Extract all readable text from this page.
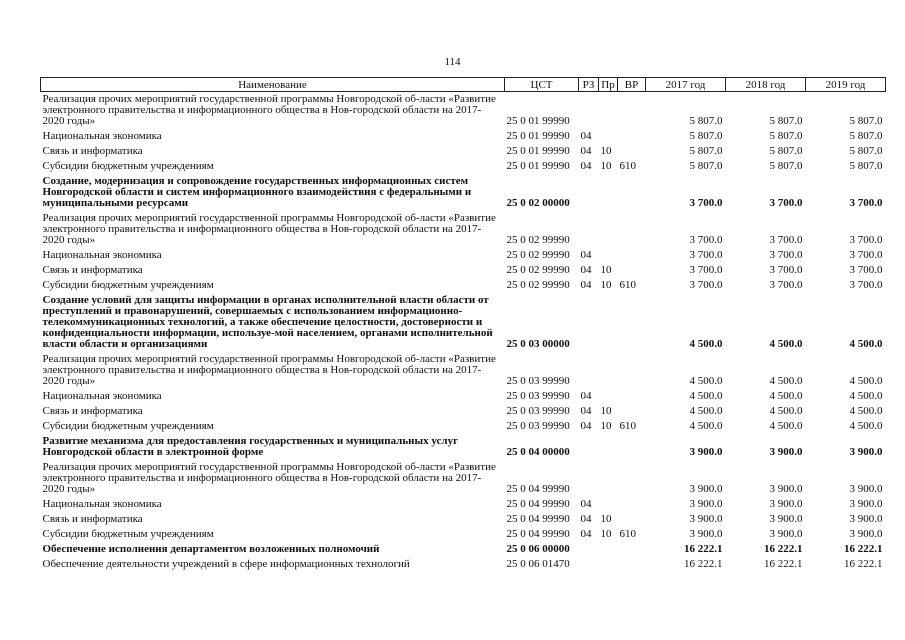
114
Наименование	ЦСТ	РЗ	Пр	ВР	2017 год	2018 год	2019 год
Реализация прочих мероприятий государственной программы Новгородской об-ласти «Развитие электронного правительства и информационного общества в Нов-городской области на 2017-2020 годы»	25 0 01 99990				5 807.0	5 807.0	5 807.0
Национальная экономика	25 0 01 99990	04			5 807.0	5 807.0	5 807.0
Связь и информатика	25 0 01 99990	04	10		5 807.0	5 807.0	5 807.0
Субсидии бюджетным учреждениям	25 0 01 99990	04	10	610	5 807.0	5 807.0	5 807.0
Создание, модернизация и сопровождение государственных информационных систем Новгородской области и систем информационного взаимодействия с федеральными и муниципальными ресурсами	25 0 02 00000				3 700.0	3 700.0	3 700.0
Реализация прочих мероприятий государственной программы Новгородской об-ласти «Развитие электронного правительства и информационного общества в Нов-городской области на 2017-2020 годы»	25 0 02 99990				3 700.0	3 700.0	3 700.0
Национальная экономика	25 0 02 99990	04			3 700.0	3 700.0	3 700.0
Связь и информатика	25 0 02 99990	04	10		3 700.0	3 700.0	3 700.0
Субсидии бюджетным учреждениям	25 0 02 99990	04	10	610	3 700.0	3 700.0	3 700.0
Создание условий для защиты информации в органах исполнительной власти области от преступлений и правонарушений, совершаемых с использованием информационно-телекоммуникационных технологий, а также обеспечение целостности, достоверности и конфиденциальности информации, используе-мой населением, органами исполнительной власти области и организациями	25 0 03 00000				4 500.0	4 500.0	4 500.0
Реализация прочих мероприятий государственной программы Новгородской об-ласти «Развитие электронного правительства и информационного общества в Нов-городской области на 2017-2020 годы»	25 0 03 99990				4 500.0	4 500.0	4 500.0
Национальная экономика	25 0 03 99990	04			4 500.0	4 500.0	4 500.0
Связь и информатика	25 0 03 99990	04	10		4 500.0	4 500.0	4 500.0
Субсидии бюджетным учреждениям	25 0 03 99990	04	10	610	4 500.0	4 500.0	4 500.0
Развитие механизма для предоставления государственных и муниципальных услуг Новгородской области в электронной форме	25 0 04 00000				3 900.0	3 900.0	3 900.0
Реализация прочих мероприятий государственной программы Новгородской об-ласти «Развитие электронного правительства и информационного общества в Нов-городской области на 2017-2020 годы»	25 0 04 99990				3 900.0	3 900.0	3 900.0
Национальная экономика	25 0 04 99990	04			3 900.0	3 900.0	3 900.0
Связь и информатика	25 0 04 99990	04	10		3 900.0	3 900.0	3 900.0
Субсидии бюджетным учреждениям	25 0 04 99990	04	10	610	3 900.0	3 900.0	3 900.0
Обеспечение исполнения департаментом возложенных полномочий	25 0 06 00000				16 222.1	16 222.1	16 222.1
Обеспечение деятельности учреждений в сфере информационных технологий	25 0 06 01470				16 222.1	16 222.1	16 222.1
